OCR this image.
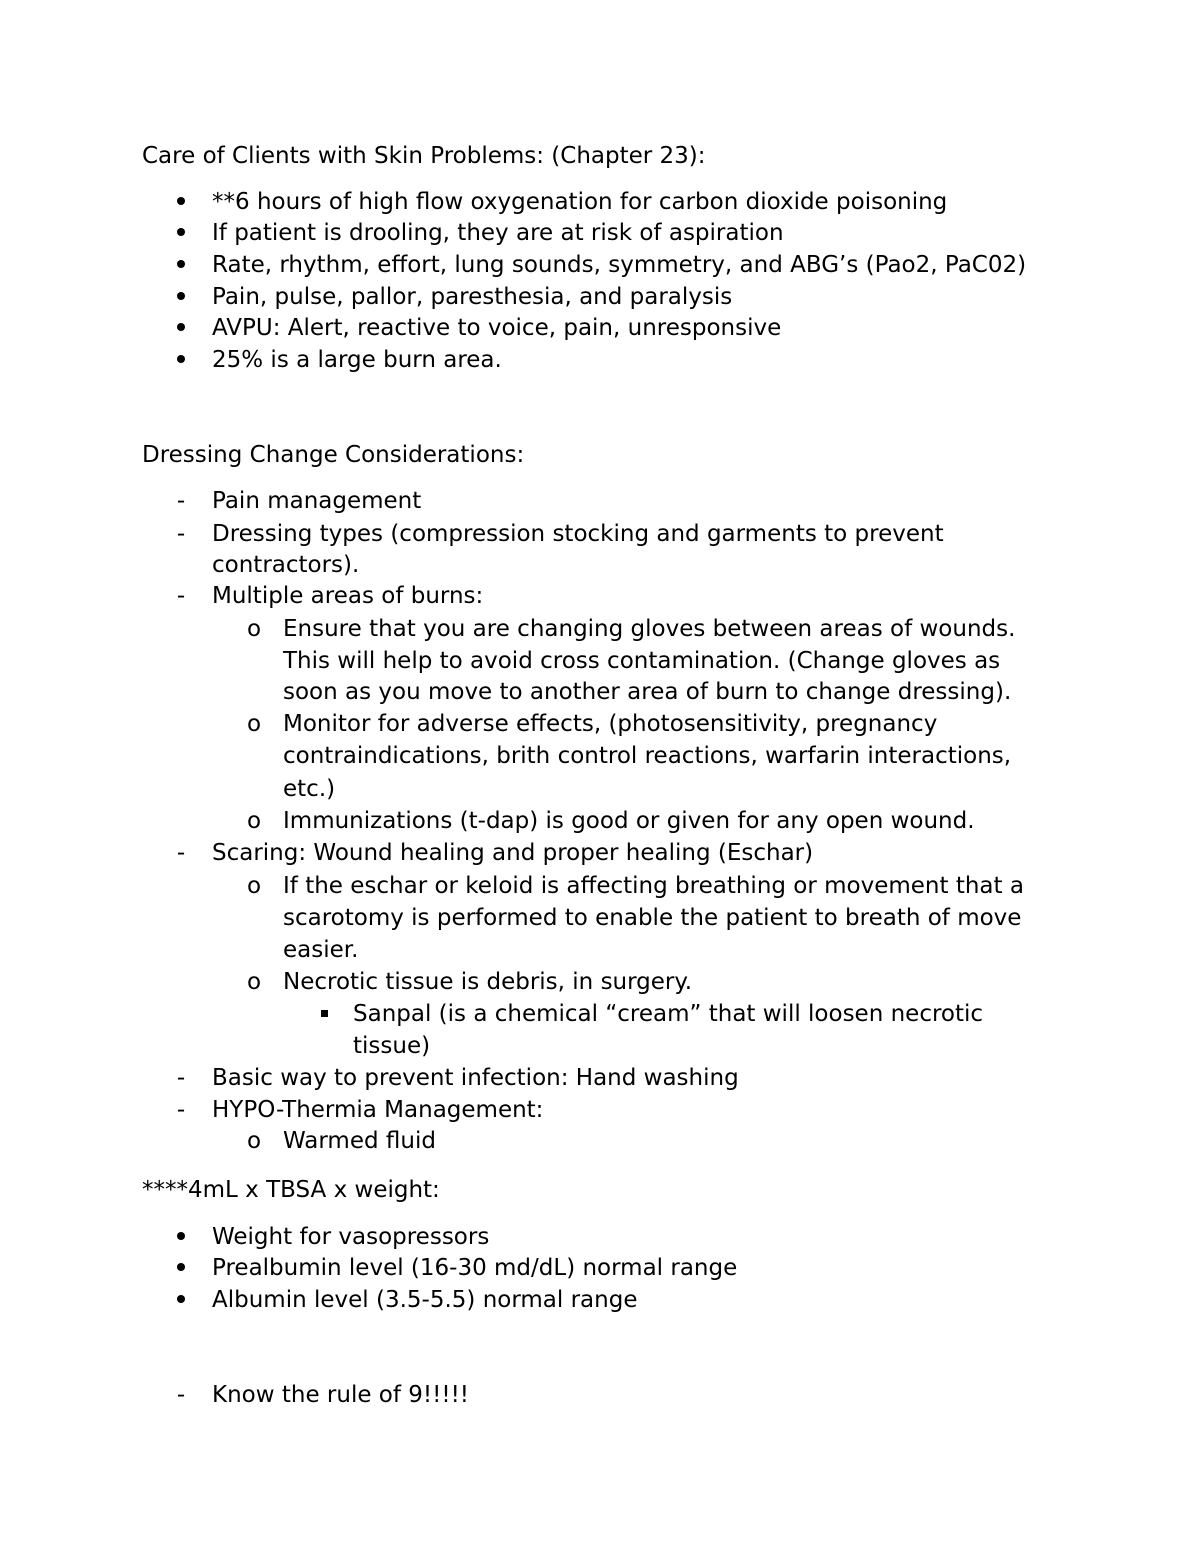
Care of Clients with Skin Problems: (Chapter 23):
**6 hours of high flow oxygenation for carbon dioxide poisoning
If patient is drooling, they are at risk of aspiration
Rate, rhythm, effort, lung sounds, symmetry, and ABG’s (Pao2, PaC02)
Pain, pulse, pallor, paresthesia, and paralysis
AVPU: Alert, reactive to voice, pain, unresponsive
25% is a large burn area.
Dressing Change Considerations:
- Pain management
- Dressing types (compression stocking and garments to prevent
contractors).
- Multiple areas of burns:
o Ensure that you are changing gloves between areas of wounds.
This will help to avoid cross contamination. (Change gloves as
soon as you move to another area of burn to change dressing).
o Monitor for adverse effects, (photosensitivity, pregnancy
contraindications, brith control reactions, warfarin interactions,
etc.)
o Immunizations (t-dap) is good or given for any open wound.
- Scaring: Wound healing and proper healing (Eschar)
o If the eschar or keloid is affecting breathing or movement that a
scarotomy is performed to enable the patient to breath of move
easier.
o Necrotic tissue is debris, in surgery.
Sanpal (is a chemical “cream” that will loosen necrotic
tissue)
- Basic way to prevent infection: Hand washing
- HYPO-Thermia Management:
o Warmed fluid
****4mL x TBSA x weight:
Weight for vasopressors
Prealbumin level (16-30 md/dL) normal range
Albumin level (3.5-5.5) normal range
- Know the rule of 9!!!!!
